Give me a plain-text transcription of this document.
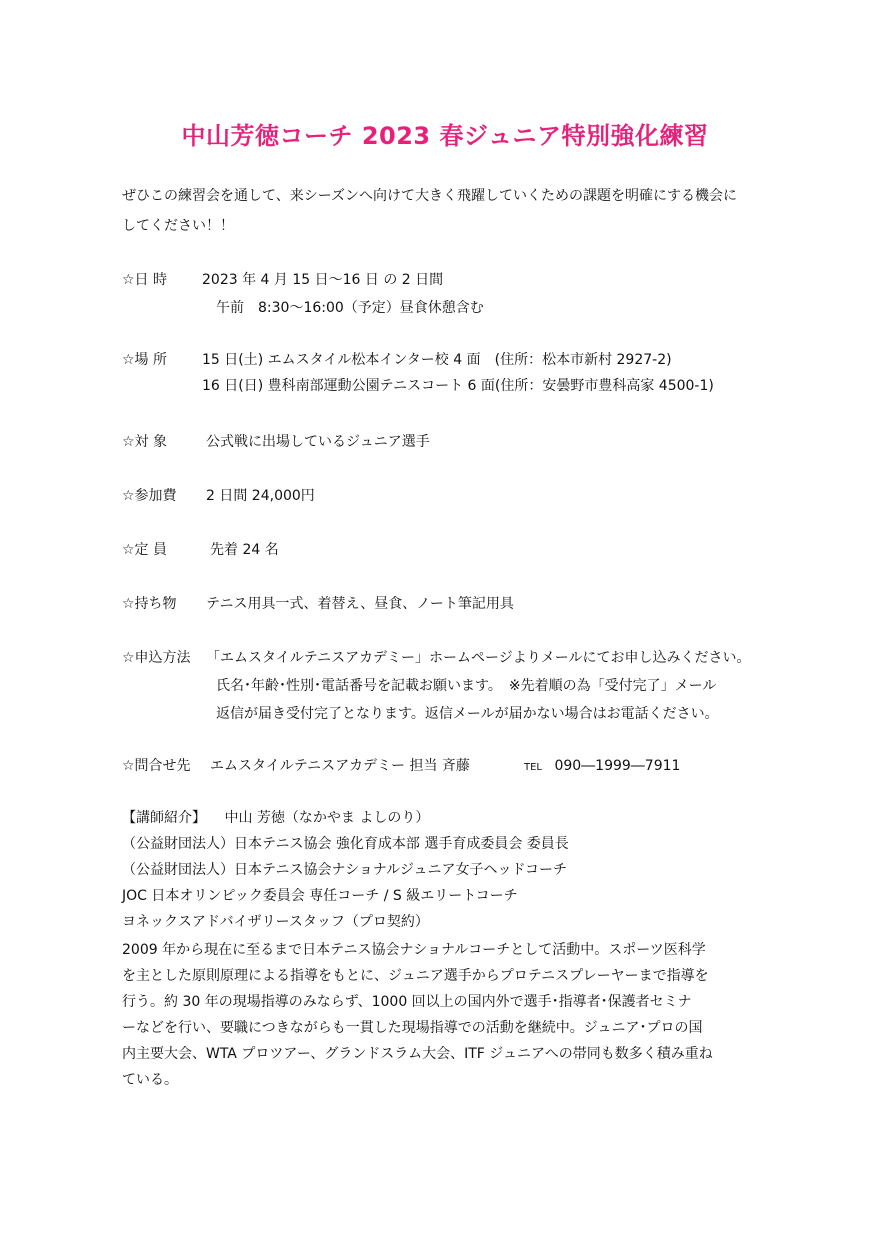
中山芳徳コーチ 2023 春ジュニア特別強化練習
ぜひこの練習会を通して、来シーズンへ向けて大きく飛躍していくための課題を明確にする機会に
してください！！
☆日 時 2023 年 4 月 15 日～16 日 の 2 日間
午前　8:30～16:00（予定）昼食休憩含む
☆場 所 15 日(土) エムスタイル松本インター校 4 面　(住所：松本市新村 2927-2)
16 日(日) 豊科南部運動公園テニスコート 6 面(住所：安曇野市豊科高家 4500-1)
☆対 象	公式戦に出場しているジュニア選手
☆参加費 2 日間 24,000円
☆定 員	先着 24 名
☆持ち物 テニス用具一式、着替え、昼食、ノート筆記用具
☆申込方法 「エムスタイルテニスアカデミー」ホームページよりメールにてお申し込みください。
氏名･年齢･性別･電話番号を記載お願います。　※先着順の為「受付完了」メール
返信が届き受付完了となります。返信メールが届かない場合はお電話ください。
☆問合せ先 エムスタイルテニスアカデミー 担当 斉藤	TEL 090―1999―7911
【講師紹介】 中山 芳徳（なかやま よしのり）
（公益財団法人）日本テニス協会 強化育成本部 選手育成委員会 委員長
（公益財団法人）日本テニス協会ナショナルジュニア女子ヘッドコーチ
JOC 日本オリンピック委員会 専任コーチ / S 級エリートコーチ
ヨネックスアドバイザリースタッフ（プロ契約）
2009 年から現在に至るまで日本テニス協会ナショナルコーチとして活動中。スポーツ医科学
を主とした原則原理による指導をもとに、ジュニア選手からプロテニスプレーヤーまで指導を
行う。約 30 年の現場指導のみならず、1000 回以上の国内外で選手･指導者･保護者セミナ
ーなどを行い、要職につきながらも一貫した現場指導での活動を継続中。ジュニア･プロの国
内主要大会、WTA プロツアー、グランドスラム大会、ITF ジュニアへの帯同も数多く積み重ね
ている。
